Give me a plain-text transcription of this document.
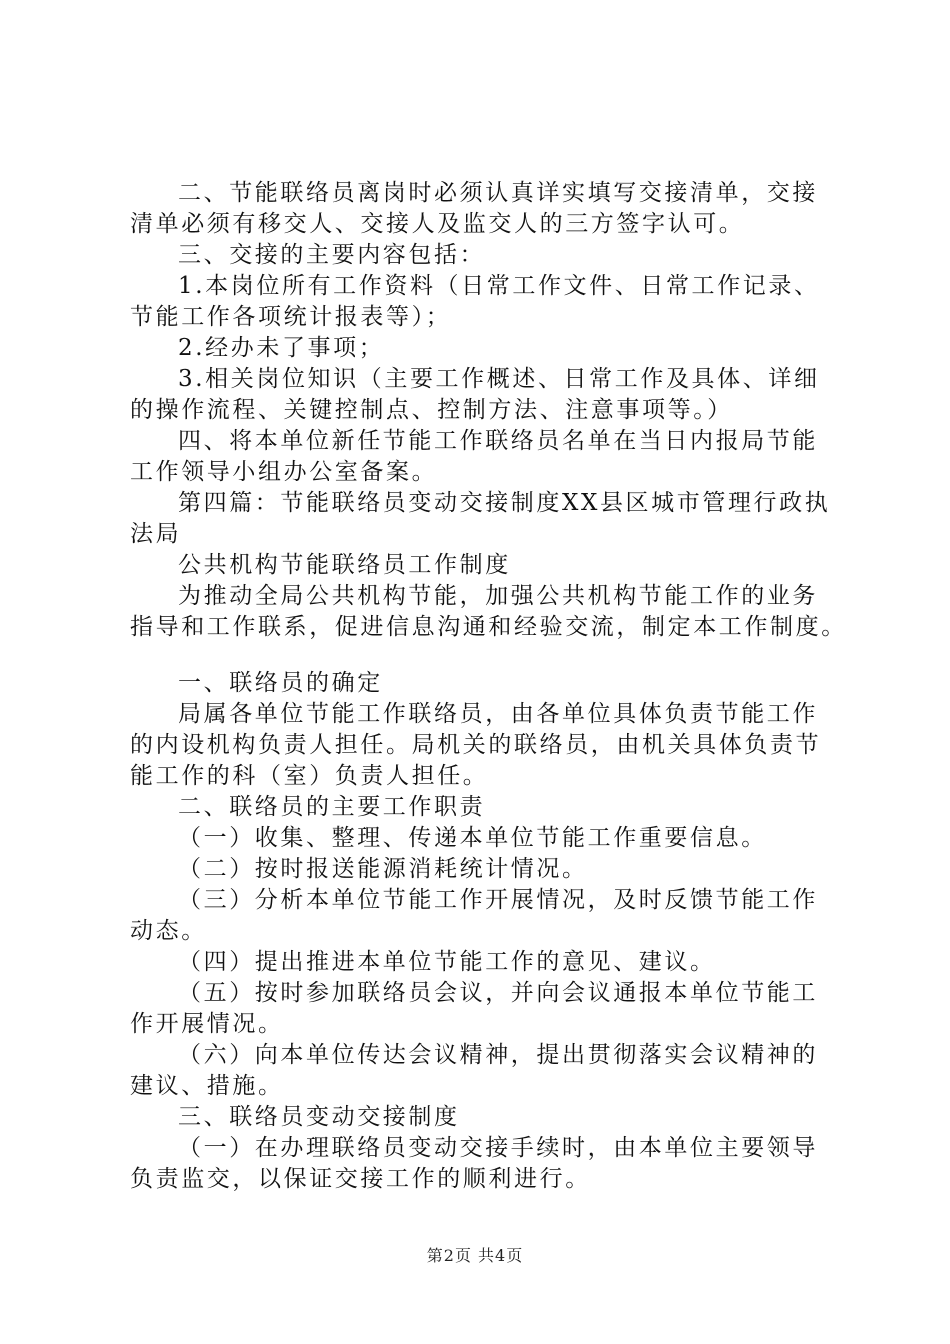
二、节能联络员离岗时必须认真详实填写交接清单，交接
清单必须有移交人、交接人及监交人的三方签字认可。
三、交接的主要内容包括：
1.本岗位所有工作资料（日常工作文件、日常工作记录、
节能工作各项统计报表等）；
2.经办未了事项；
3.相关岗位知识（主要工作概述、日常工作及具体、详细
的操作流程、关键控制点、控制方法、注意事项等。）
四、将本单位新任节能工作联络员名单在当日内报局节能
工作领导小组办公室备案。
第四篇：节能联络员变动交接制度XX县区城市管理行政执
法局
公共机构节能联络员工作制度
为推动全局公共机构节能，加强公共机构节能工作的业务
指导和工作联系，促进信息沟通和经验交流，制定本工作制度。
一、联络员的确定
局属各单位节能工作联络员，由各单位具体负责节能工作
的内设机构负责人担任。局机关的联络员，由机关具体负责节
能工作的科（室）负责人担任。
二、联络员的主要工作职责
（一）收集、整理、传递本单位节能工作重要信息。
（二）按时报送能源消耗统计情况。
（三）分析本单位节能工作开展情况，及时反馈节能工作
动态。
（四）提出推进本单位节能工作的意见、建议。
（五）按时参加联络员会议，并向会议通报本单位节能工
作开展情况。
（六）向本单位传达会议精神，提出贯彻落实会议精神的
建议、措施。
三、联络员变动交接制度
（一）在办理联络员变动交接手续时，由本单位主要领导
负责监交，以保证交接工作的顺利进行。
第2页 共4页
